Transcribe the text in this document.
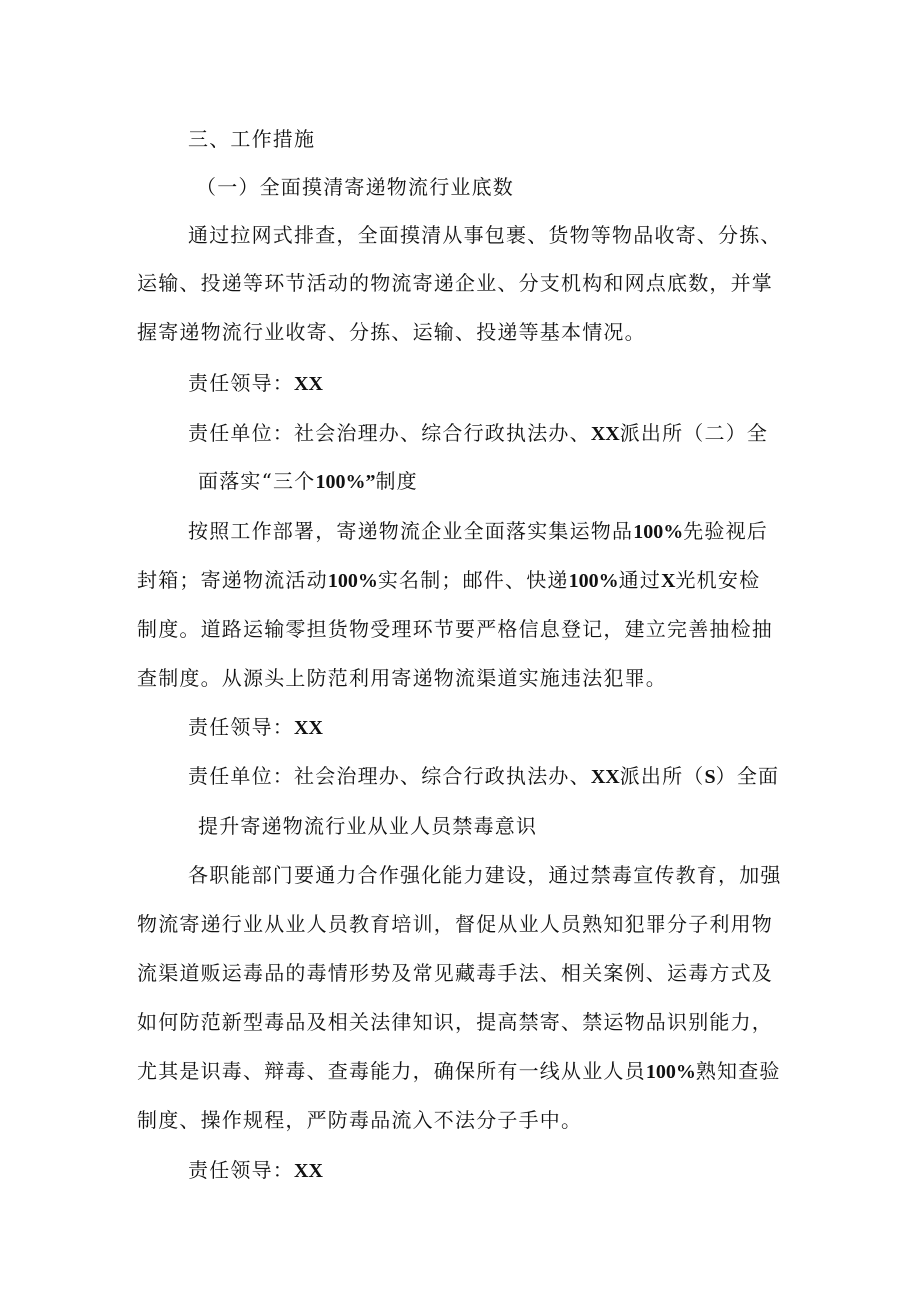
三、工作措施
（一）全面摸清寄递物流行业底数
通过拉网式排查，全面摸清从事包裹、货物等物品收寄、分拣、
运输、投递等环节活动的物流寄递企业、分支机构和网点底数，并掌
握寄递物流行业收寄、分拣、运输、投递等基本情况。
责任领导：XX
责任单位：社会治理办、综合行政执法办、XX派出所（二）全
面落实“三个100%”制度
按照工作部署，寄递物流企业全面落实集运物品100%先验视后
封箱；寄递物流活动100%实名制；邮件、快递100%通过X光机安检
制度。道路运输零担货物受理环节要严格信息登记，建立完善抽检抽
查制度。从源头上防范利用寄递物流渠道实施违法犯罪。
责任领导：XX
责任单位：社会治理办、综合行政执法办、XX派出所（S）全面
提升寄递物流行业从业人员禁毒意识
各职能部门要通力合作强化能力建设，通过禁毒宣传教育，加强
物流寄递行业从业人员教育培训，督促从业人员熟知犯罪分子利用物
流渠道贩运毒品的毒情形势及常见藏毒手法、相关案例、运毒方式及
如何防范新型毒品及相关法律知识，提高禁寄、禁运物品识别能力，
尤其是识毒、辩毒、查毒能力，确保所有一线从业人员100%熟知查验
制度、操作规程，严防毒品流入不法分子手中。
责任领导：XX
